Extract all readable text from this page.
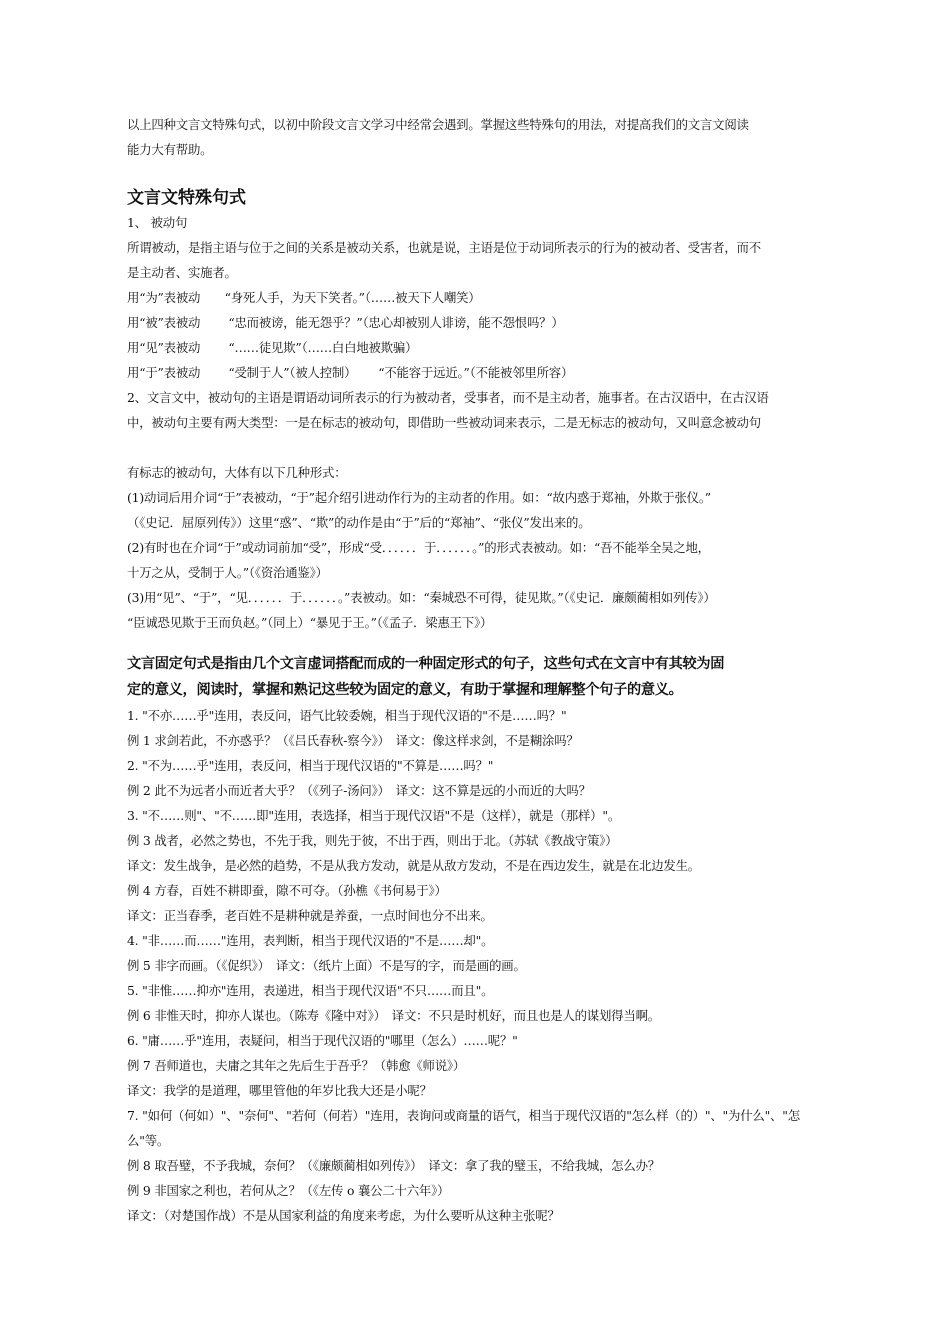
以上四种文言文特殊句式，以初中阶段文言文学习中经常会遇到。掌握这些特殊句的用法，对提高我们的文言文阅读
能力大有帮助。
文言文特殊句式
1、 被动句
所谓被动，是指主语与位于之间的关系是被动关系，也就是说，主语是位于动词所表示的行为的被动者、受害者，而不
是主动者、实施者。
用“为”表被动　　“身死人手，为天下笑者。”（……被天下人嘲笑）
用“被”表被动　　 “忠而被谤，能无怨乎？”（忠心却被别人诽谤，能不怨恨吗？）
用“见”表被动　　 “……徒见欺”（……白白地被欺骗）
用“于”表被动　　 “受制于人”（被人控制）　　 “不能容于远近。”（不能被邻里所容）
2、文言文中，被动句的主语是谓语动词所表示的行为被动者，受事者，而不是主动者，施事者。在古汉语中，在古汉语
中，被动句主要有两大类型：一是在标志的被动句，即借助一些被动词来表示，二是无标志的被动句，又叫意念被动句
有标志的被动句，大体有以下几种形式：
(1)动词后用介词“于”表被动，“于”起介绍引进动作行为的主动者的作用。如：“故内惑于郑袖，外欺于张仪。”
（《史记．屈原列传》）这里“惑”、“欺”的动作是由“于”后的“郑袖”、“张仪”发出来的。
(2)有时也在介词“于”或动词前加“受”，形成“受．．．．．．于．．．．．．。”的形式表被动。如：“吾不能举全吴之地，
十万之从，受制于人。”（《资治通鉴》）
(3)用“见”、“于”，“见．．．．．．于．．．．．．。”表被动。如：“秦城恐不可得，徒见欺。”（《史记．廉颇蔺相如列传》）
“臣诚恐见欺于王而负赵。”（同上）“暴见于王。”（《孟子．梁惠王下》）
文言固定句式是指由几个文言虚词搭配而成的一种固定形式的句子，这些句式在文言中有其较为固
定的意义，阅读时，掌握和熟记这些较为固定的意义，有助于掌握和理解整个句子的意义。
1. "不亦……乎"连用，表反问，语气比较委婉，相当于现代汉语的"不是……吗？"
例 1 求剑若此，不亦惑乎？（《吕氏春秋-察今》）　译文：像这样求剑，不是糊涂吗？
2. "不为……乎"连用，表反问，相当于现代汉语的"不算是……吗？"
例 2 此不为远者小而近者大乎？（《列子-汤问》）　译文：这不算是远的小而近的大吗？
3. "不……则"、"不……即"连用，表选择，相当于现代汉语"不是（这样），就是（那样）"。
例 3 战者，必然之势也，不先于我，则先于彼，不出于西，则出于北。（苏轼《教战守策》）
译文：发生战争，是必然的趋势，不是从我方发动，就是从敌方发动，不是在西边发生，就是在北边发生。
例 4 方春，百姓不耕即蚕，隙不可夺。（孙樵《书何易于》）
译文：正当春季，老百姓不是耕种就是养蚕，一点时间也分不出来。
4. "非……而……"连用，表判断，相当于现代汉语的"不是……却"。
例 5 非字而画。（《促织》）　译文：（纸片上面）不是写的字，而是画的画。
5. "非惟……抑亦"连用，表递进，相当于现代汉语"不只……而且"。
例 6 非惟天时，抑亦人谋也。（陈寿《隆中对》）　译文：不只是时机好，而且也是人的谋划得当啊。
6. "庸……乎"连用，表疑问，相当于现代汉语的"哪里（怎么）……呢？"
例 7 吾师道也，夫庸之其年之先后生于吾乎？（韩愈《师说》）
译文：我学的是道理，哪里管他的年岁比我大还是小呢？
7. "如何（何如）"、"奈何"、"若何（何若）"连用，表询问或商量的语气，相当于现代汉语的"怎么样（的）"、"为什么"、"怎
么"等。
例 8 取吾璧，不予我城，奈何？（《廉颇蔺相如列传》）　译文：拿了我的璧玉，不给我城，怎么办？
例 9 非国家之利也，若何从之？（《左传 o 襄公二十六年》）
译文：（对楚国作战）不是从国家利益的角度来考虑，为什么要听从这种主张呢？
